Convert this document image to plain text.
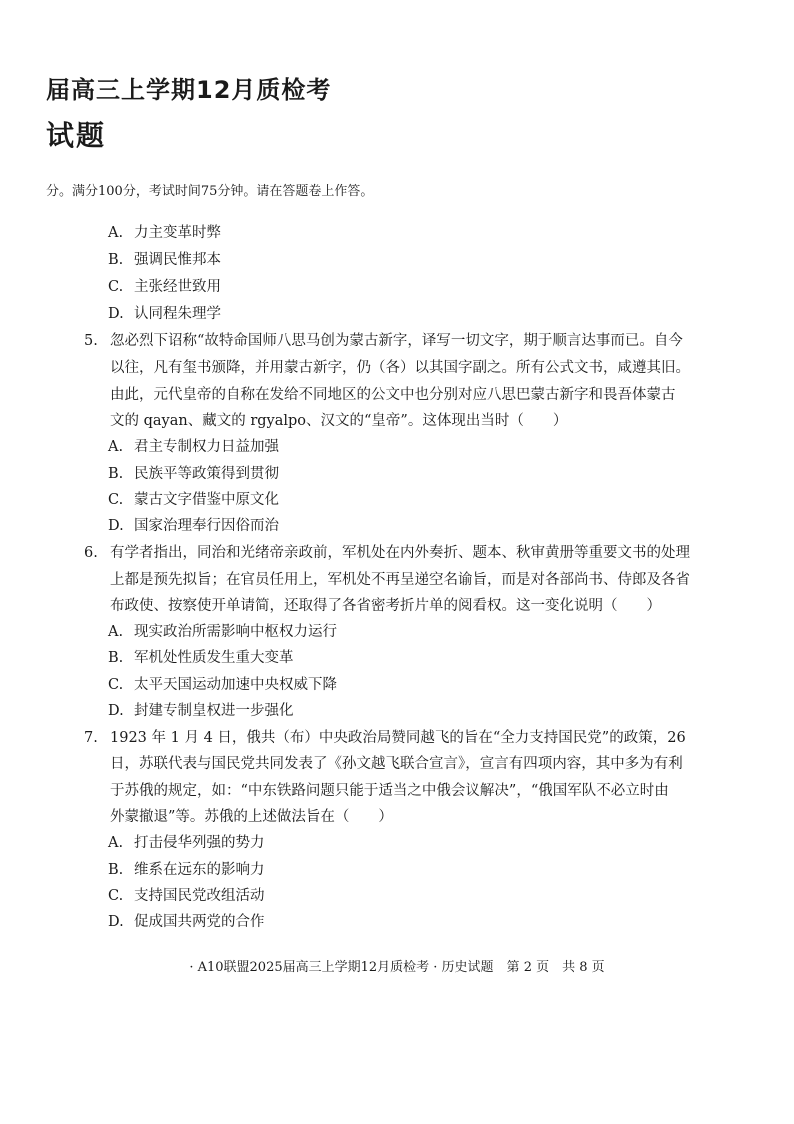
届高三上学期12月质检考
试题
分。满分100分，考试时间75分钟。请在答题卷上作答。
A. 力主变革时弊
B. 强调民惟邦本
C. 主张经世致用
D. 认同程朱理学
5. 忽必烈下诏称“故特命国师八思马创为蒙古新字，译写一切文字，期于顺言达事而已。自今
以往，凡有玺书颁降，并用蒙古新字，仍（各）以其国字副之。所有公式文书，咸遵其旧。
由此，元代皇帝的自称在发给不同地区的公文中也分别对应八思巴蒙古新字和畏吾体蒙古
文的 qayan、藏文的 rgyalpo、汉文的“皇帝”。这体现出当时（　　）
A. 君主专制权力日益加强
B. 民族平等政策得到贯彻
C. 蒙古文字借鉴中原文化
D. 国家治理奉行因俗而治
6. 有学者指出，同治和光绪帝亲政前，军机处在内外奏折、题本、秋审黄册等重要文书的处理
上都是预先拟旨；在官员任用上，军机处不再呈递空名谕旨，而是对各部尚书、侍郎及各省
布政使、按察使开单请简，还取得了各省密考折片单的阅看权。这一变化说明（　　）
A. 现实政治所需影响中枢权力运行
B. 军机处性质发生重大变革
C. 太平天国运动加速中央权威下降
D. 封建专制皇权进一步强化
7. 1923 年 1 月 4 日，俄共（布）中央政治局赞同越飞的旨在“全力支持国民党”的政策，26
日，苏联代表与国民党共同发表了《孙文越飞联合宣言》，宣言有四项内容，其中多为有利
于苏俄的规定，如：“中东铁路问题只能于适当之中俄会议解决”，“俄国军队不必立时由
外蒙撤退”等。苏俄的上述做法旨在（　　）
A. 打击侵华列强的势力
B. 维系在远东的影响力
C. 支持国民党改组活动
D. 促成国共两党的合作
· A10联盟2025届高三上学期12月质检考 · 历史试题　第 2 页　共 8 页
